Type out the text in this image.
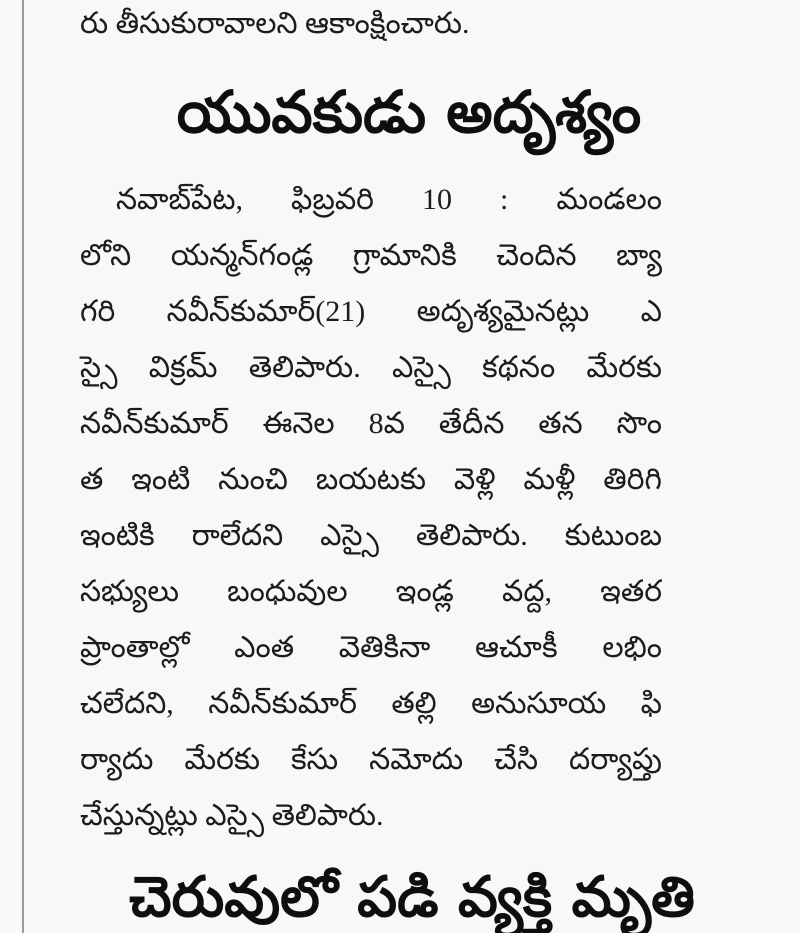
రు తీసుకురావాలని ఆకాంక్షించారు.
యువకుడు అదృశ్యం
నవాబ్‌పేట, ఫిబ్రవరి 10 : మండలం
లోని యన్మన్‌గండ్ల గ్రామానికి చెందిన బ్యా
గరి నవీన్‌కుమార్(21) అదృశ్యమైనట్లు ఎ
స్సై విక్రమ్ తెలిపారు. ఎస్సై కథనం మేరకు
నవీన్‌కుమార్ ఈనెల 8వ తేదీన తన సొం
త ఇంటి నుంచి బయటకు వెళ్లి మళ్లీ తిరిగి
ఇంటికి రాలేదని ఎస్సై తెలిపారు. కుటుంబ
సభ్యులు బంధువుల ఇండ్ల వద్ద, ఇతర
ప్రాంతాల్లో ఎంత వెతికినా ఆచూకీ లభిం
చలేదని, నవీన్‌కుమార్ తల్లి అనుసూయ ఫి
ర్యాదు మేరకు కేసు నమోదు చేసి దర్యాప్తు
చేస్తున్నట్లు ఎస్సై తెలిపారు.
చెరువులో పడి వ్యక్తి మృతి
